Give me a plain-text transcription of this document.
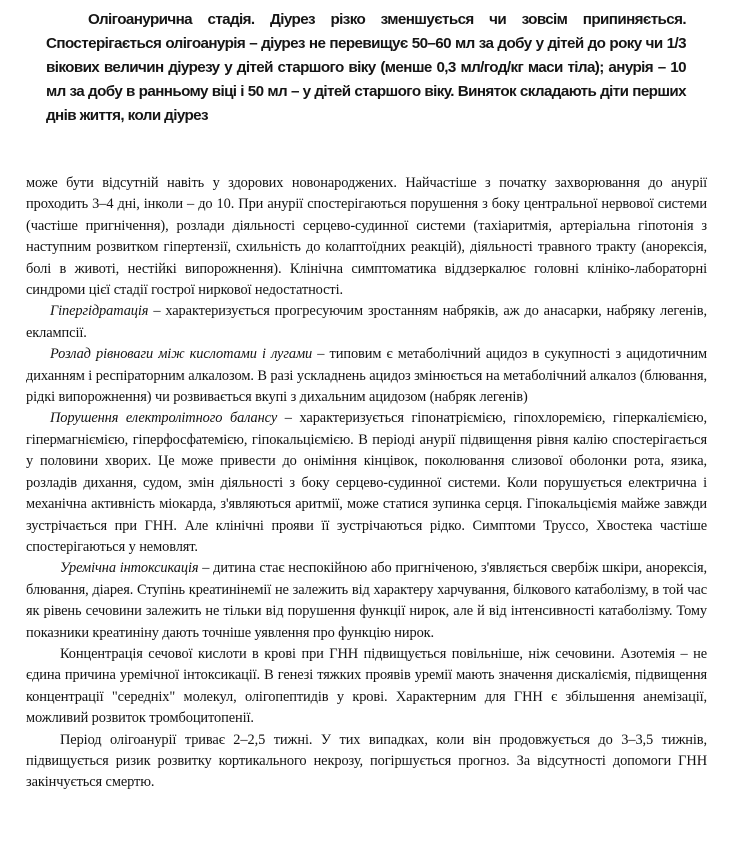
Олігоанурична стадія. Діурез різко зменшується чи зовсім припиняється. Спостерігається олігоанурія – діурез не перевищує 50–60 мл за добу у дітей до року чи 1/3 вікових величин діурезу у дітей старшого віку (менше 0,3 мл/год/кг маси тіла); анурія – 10 мл за добу в ранньому віці і 50 мл – у дітей старшого віку. Виняток складають діти перших днів життя, коли діурез

може бути відсутній навіть у здорових новонароджених. Найчастіше з початку захворювання до анурії проходить 3–4 дні, інколи – до 10. При анурії спостерігаються порушення з боку центральної нервової системи (частіше пригнічення), розлади діяльності серцево-судинної системи (тахіаритмія, артеріальна гіпотонія з наступним розвитком гіпертензії, схильність до колаптоїдних реакцій), діяльності травного тракту (анорексія, болі в животі, нестійкі випорожнення). Клінічна симптоматика віддзеркалює головні клініко-лабораторні синдроми цієї стадії гострої ниркової недостатності.

Гіпергідратація – характеризується прогресуючим зростанням набряків, аж до анасарки, набряку легенів, еклампсії.

Розлад рівноваги між кислотами і лугами – типовим є метаболічний ацидоз в сукупності з ацидотичним диханням і респіраторним алкалозом. В разі ускладнень ацидоз змінюється на метаболічний алкалоз (блювання, рідкі випорожнення) чи розвивається вкупі з дихальним ацидозом (набряк легенів)

Порушення електролітного балансу – характеризується гіпонатріємією, гіпохлоремією, гіперкаліємією, гіпермагніємією, гіперфосфатемією, гіпокальціємією. В періоді анурії підвищення рівня калію спостерігається у половини хворих. Це може привести до оніміння кінцівок, поколювання слизової оболонки рота, язика, розладів дихання, судом, змін діяльності з боку серцево-судинної системи. Коли порушується електрична і механічна активність міокарда, з'являються аритмії, може статися зупинка серця. Гіпокальціємія майже завжди зустрічається при ГНН. Але клінічні прояви її зустрічаються рідко. Симптоми Труссо, Хвостека частіше спостерігаються у немовлят.

Уремічна інтоксикація – дитина стає неспокійною або пригніченою, з'являється свербіж шкіри, анорексія, блювання, діарея. Ступінь креатинінемії не залежить від характеру харчування, білкового катаболізму, в той час як рівень сечовини залежить не тільки від порушення функції нирок, але й від інтенсивності катаболізму. Тому показники креатиніну дають точніше уявлення про функцію нирок.

Концентрація сечової кислоти в крові при ГНН підвищується повільніше, ніж сечовини. Азотемія – не єдина причина уремічної інтоксикації. В генезі тяжких проявів уремії мають значення дискаліємія, підвищення концентрації "середніх" молекул, олігопептидів у крові. Характерним для ГНН є збільшення анемізації, можливий розвиток тромбоцитопенії.

Період олігоанурії триває 2–2,5 тижні. У тих випадках, коли він продовжується до 3–3,5 тижнів, підвищується ризик розвитку кортикального некрозу, погіршується прогноз. За відсутності допомоги ГНН закінчується смертю.
